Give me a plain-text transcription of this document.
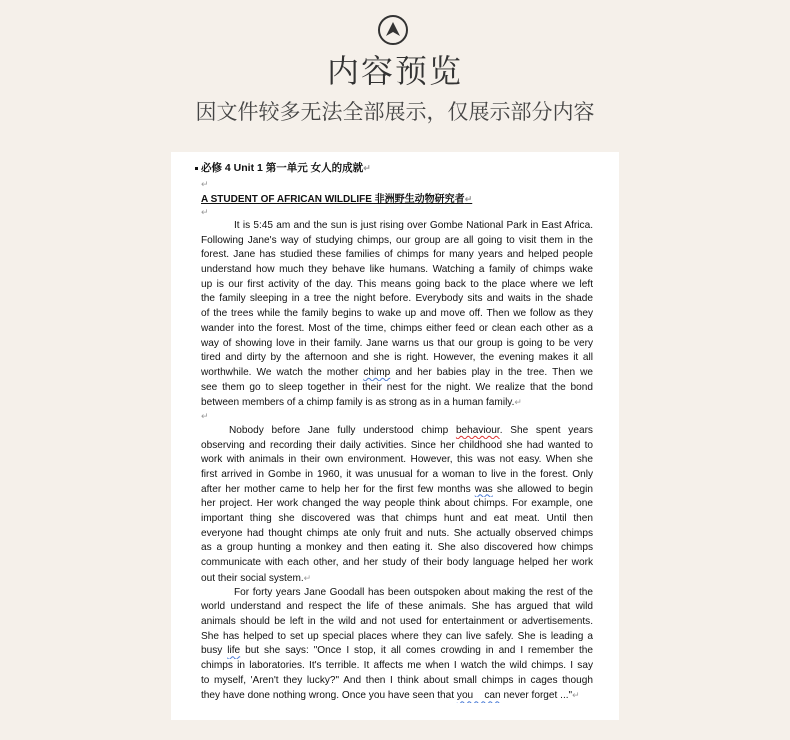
内容预览
因文件较多无法全部展示，仅展示部分内容
必修 4 Unit 1 第一单元 女人的成就↵
↵
A STUDENT OF AFRICAN WILDLIFE 非洲野生动物研究者↵
↵
It is 5:45 am and the sun is just rising over Gombe National Park in East Africa.
Following Jane's way of studying chimps, our group are all going to visit them in the
forest. Jane has studied these families of chimps for many years and helped people
understand how much they behave like humans. Watching a family of chimps wake
up is our first activity of the day. This means going back to the place where we left
the family sleeping in a tree the night before. Everybody sits and waits in the shade
of the trees while the family begins to wake up and move off. Then we follow as they
wander into the forest. Most of the time, chimps either feed or clean each other as a
way of showing love in their family. Jane warns us that our group is going to be very
tired and dirty by the afternoon and she is right. However, the evening makes it all
worthwhile. We watch the mother chimp and her babies play in the tree. Then we
see them go to sleep together in their nest for the night. We realize that the bond
between members of a chimp family is as strong as in a human family.↵
↵
Nobody before Jane fully understood chimp behaviour. She spent years
observing and recording their daily activities. Since her childhood she had wanted to
work with animals in their own environment. However, this was not easy. When she
first arrived in Gombe in 1960, it was unusual for a woman to live in the forest. Only
after her mother came to help her for the first few months was she allowed to begin
her project. Her work changed the way people think about chimps. For example, one
important thing she discovered was that chimps hunt and eat meat. Until then
everyone had thought chimps ate only fruit and nuts. She actually observed chimps
as a group hunting a monkey and then eating it. She also discovered how chimps
communicate with each other, and her study of their body language helped her work
out their social system.↵
For forty years Jane Goodall has been outspoken about making the rest of the
world understand and respect the life of these animals. She has argued that wild
animals should be left in the wild and not used for entertainment or advertisements.
She has helped to set up special places where they can live safely. She is leading a
busy life but she says: "Once I stop, it all comes crowding in and I remember the
chimps in laboratories. It's terrible. It affects me when I watch the wild chimps. I say
to myself, 'Aren't they lucky?" And then I think about small chimps in cages though
they have done nothing wrong. Once you have seen that you    can never forget ..."↵
